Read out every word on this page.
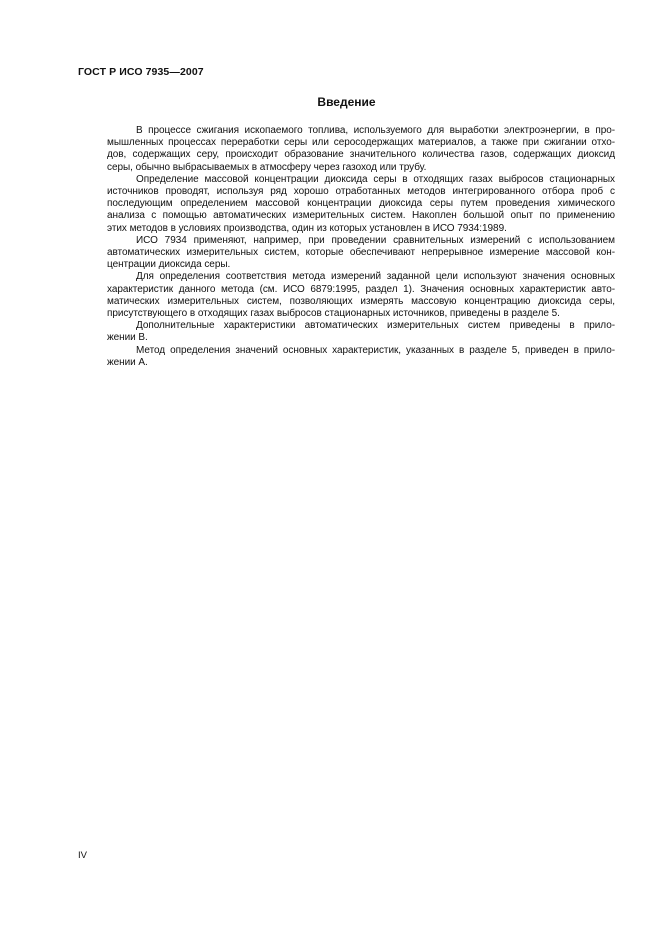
ГОСТ Р ИСО 7935—2007
Введение

В процессе сжигания ископаемого топлива, используемого для выработки электроэнергии, в про-
мышленных процессах переработки серы или серосодержащих материалов, а также при сжигании отхо-
дов, содержащих серу, происходит образование значительного количества газов, содержащих диоксид
серы, обычно выбрасываемых в атмосферу через газоход или трубу.

Определение массовой концентрации диоксида серы в отходящих газах выбросов стационарных
источников проводят, используя ряд хорошо отработанных методов интегрированного отбора проб с
последующим определением массовой концентрации диоксида серы путем проведения химического
анализа с помощью автоматических измерительных систем. Накоплен большой опыт по применению
этих методов в условиях производства, один из которых установлен в ИСО 7934:1989.

ИСО 7934 применяют, например, при проведении сравнительных измерений с использованием
автоматических измерительных систем, которые обеспечивают непрерывное измерение массовой кон-
центрации диоксида серы.

Для определения соответствия метода измерений заданной цели используют значения основных
характеристик данного метода (см. ИСО 6879:1995, раздел 1). Значения основных характеристик авто-
матических измерительных систем, позволяющих измерять массовую концентрацию диоксида серы,
присутствующего в отходящих газах выбросов стационарных источников, приведены в разделе 5.

Дополнительные характеристики автоматических измерительных систем приведены в прило-
жении В.

Метод определения значений основных характеристик, указанных в разделе 5, приведен в прило-
жении А.

IV
